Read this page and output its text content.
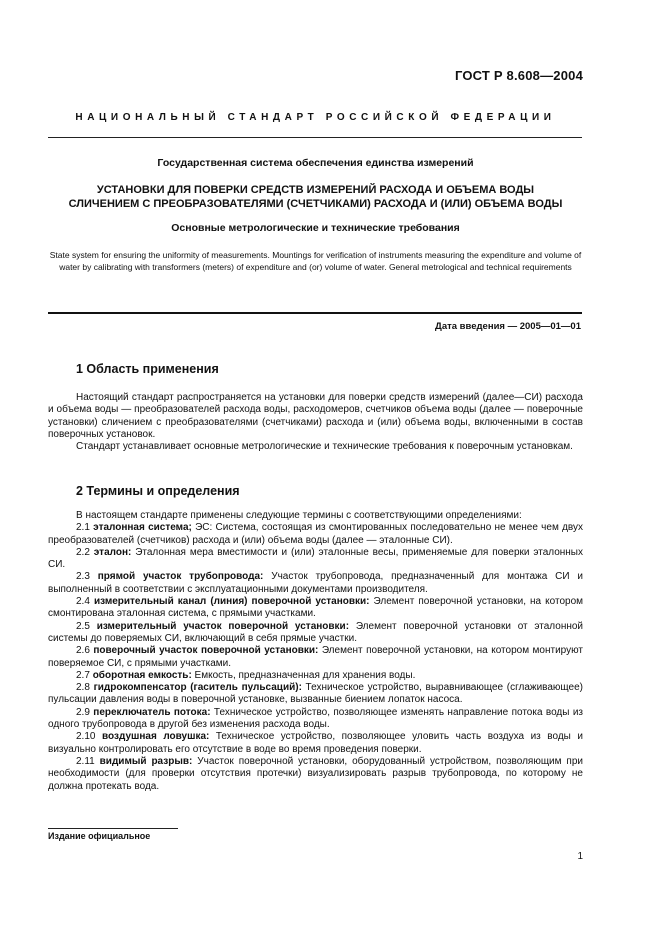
ГОСТ Р 8.608—2004
НАЦИОНАЛЬНЫЙ СТАНДАРТ РОССИЙСКОЙ ФЕДЕРАЦИИ
Государственная система обеспечения единства измерений
УСТАНОВКИ ДЛЯ ПОВЕРКИ СРЕДСТВ ИЗМЕРЕНИЙ РАСХОДА И ОБЪЕМА ВОДЫ
СЛИЧЕНИЕМ С ПРЕОБРАЗОВАТЕЛЯМИ (СЧЕТЧИКАМИ) РАСХОДА И (ИЛИ) ОБЪЕМА ВОДЫ
Основные метрологические и технические требования
State system for ensuring the uniformity of measurements. Mountings for verification of instruments measuring the expenditure and volume of water by calibrating with transformers (meters) of expenditure and (or) volume of water. General metrological and technical requirements
Дата введения — 2005—01—01
1 Область применения

Настоящий стандарт распространяется на установки для поверки средств измерений (далее—СИ) расхода и объема воды — преобразователей расхода воды, расходомеров, счетчиков объема воды (далее — поверочные установки) сличением с преобразователями (счетчиками) расхода и (или) объема воды, включенными в состав поверочных установок.

Стандарт устанавливает основные метрологические и технические требования к поверочным установкам.

2 Термины и определения

В настоящем стандарте применены следующие термины с соответствующими определениями:

2.1 эталонная система; ЭС: Система, состоящая из смонтированных последовательно не менее чем двух преобразователей (счетчиков) расхода и (или) объема воды (далее — эталонные СИ).

2.2 эталон: Эталонная мера вместимости и (или) эталонные весы, применяемые для поверки эталонных СИ.

2.3 прямой участок трубопровода: Участок трубопровода, предназначенный для монтажа СИ и выполненный в соответствии с эксплуатационными документами производителя.

2.4 измерительный канал (линия) поверочной установки: Элемент поверочной установки, на котором смонтирована эталонная система, с прямыми участками.

2.5 измерительный участок поверочной установки: Элемент поверочной установки от эталонной системы до поверяемых СИ, включающий в себя прямые участки.

2.6 поверочный участок поверочной установки: Элемент поверочной установки, на котором монтируют поверяемое СИ, с прямыми участками.

2.7 оборотная емкость: Емкость, предназначенная для хранения воды.

2.8 гидрокомпенсатор (гаситель пульсаций): Техническое устройство, выравнивающее (сглаживающее) пульсации давления воды в поверочной установке, вызванные биением лопаток насоса.

2.9 переключатель потока: Техническое устройство, позволяющее изменять направление потока воды из одного трубопровода в другой без изменения расхода воды.

2.10 воздушная ловушка: Техническое устройство, позволяющее уловить часть воздуха из воды и визуально контролировать его отсутствие в воде во время проведения поверки.

2.11 видимый разрыв: Участок поверочной установки, оборудованный устройством, позволяющим при необходимости (для проверки отсутствия протечки) визуализировать разрыв трубопровода, по которому не должна протекать вода.

Издание официальное
1
